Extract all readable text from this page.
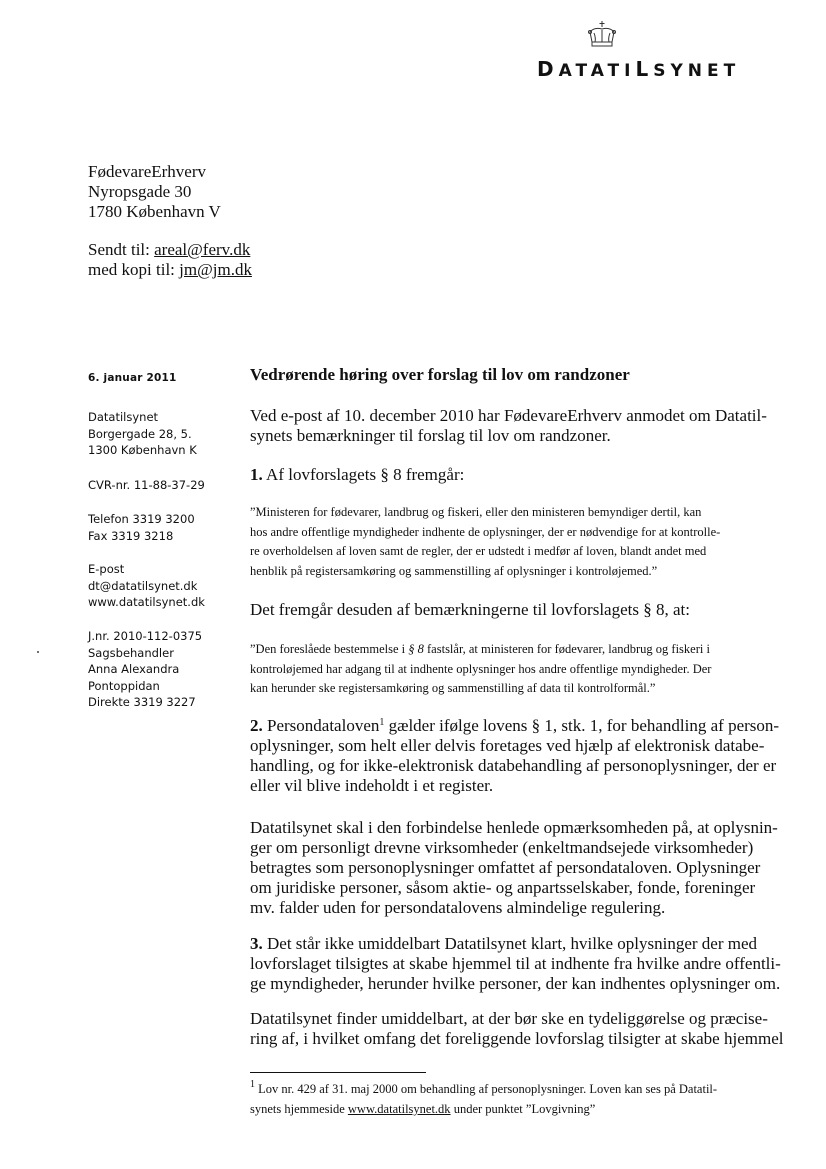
DATATILSYNET
FødevareErhverv
Nyropsgade 30
1780 København V
Sendt til: areal@ferv.dk
med kopi til: jm@jm.dk
6. januar 2011
Datatilsynet
Borgergade 28, 5.
1300 København K
CVR-nr. 11-88-37-29
Telefon 3319 3200
Fax 3319 3218
E-post
dt@datatilsynet.dk
www.datatilsynet.dk
J.nr. 2010-112-0375
Sagsbehandler
Anna Alexandra
Pontoppidan
Direkte 3319 3227
Vedrørende høring over forslag til lov om randzoner
Ved e-post af 10. december 2010 har FødevareErhverv anmodet om Datatil-
synets bemærkninger til forslag til lov om randzoner.
1. Af lovforslagets § 8 fremgår:
”Ministeren for fødevarer, landbrug og fiskeri, eller den ministeren bemyndiger dertil, kan
hos andre offentlige myndigheder indhente de oplysninger, der er nødvendige for at kontrolle-
re overholdelsen af loven samt de regler, der er udstedt i medfør af loven, blandt andet med
henblik på registersamkøring og sammenstilling af oplysninger i kontroløjemed.”
Det fremgår desuden af bemærkningerne til lovforslagets § 8, at:
”Den foreslåede bestemmelse i § 8 fastslår, at ministeren for fødevarer, landbrug og fiskeri i
kontroløjemed har adgang til at indhente oplysninger hos andre offentlige myndigheder. Der
kan herunder ske registersamkøring og sammenstilling af data til kontrolformål.”
2. Persondataloven$^1$ gælder ifølge lovens § 1, stk. 1, for behandling af person-
oplysninger, som helt eller delvis foretages ved hjælp af elektronisk databe-
handling, og for ikke-elektronisk databehandling af personoplysninger, der er
eller vil blive indeholdt i et register.
Datatilsynet skal i den forbindelse henlede opmærksomheden på, at oplysnin-
ger om personligt drevne virksomheder (enkeltmandsejede virksomheder)
betragtes som personoplysninger omfattet af persondataloven. Oplysninger
om juridiske personer, såsom aktie- og anpartsselskaber, fonde, foreninger
mv. falder uden for persondatalovens almindelige regulering.
3. Det står ikke umiddelbart Datatilsynet klart, hvilke oplysninger der med
lovforslaget tilsigtes at skabe hjemmel til at indhente fra hvilke andre offentli-
ge myndigheder, herunder hvilke personer, der kan indhentes oplysninger om.
Datatilsynet finder umiddelbart, at der bør ske en tydeliggørelse og præcise-
ring af, i hvilket omfang det foreliggende lovforslag tilsigter at skabe hjemmel
$^1$ Lov nr. 429 af 31. maj 2000 om behandling af personoplysninger. Loven kan ses på Datatil-
synets hjemmeside www.datatilsynet.dk under punktet ”Lovgivning”
